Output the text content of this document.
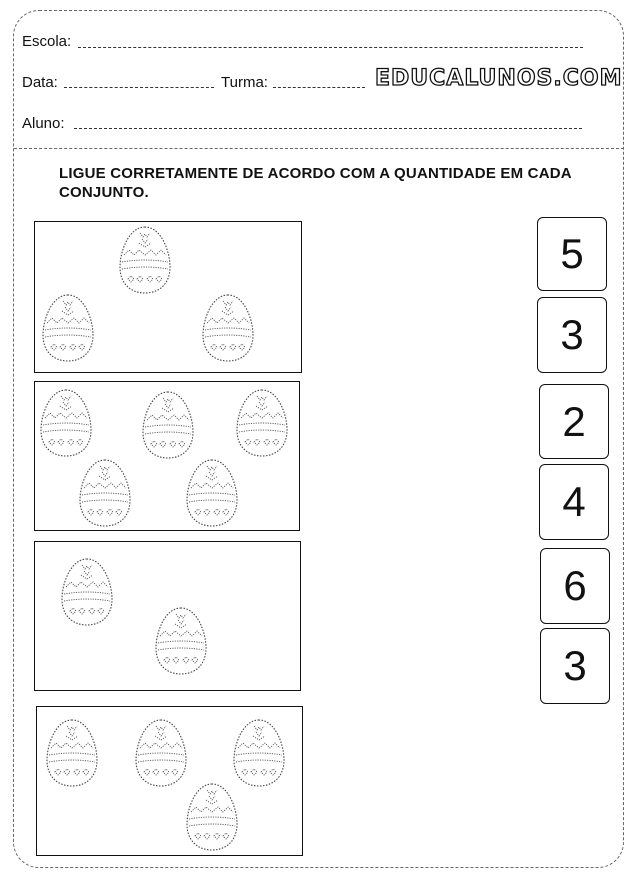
Escola:
Data:	Turma:	EDUCALUNOS.COM
Aluno:
LIGUE CORRETAMENTE DE ACORDO COM A QUANTIDADE EM CADA CONJUNTO.
5
3
2
4
6
3
